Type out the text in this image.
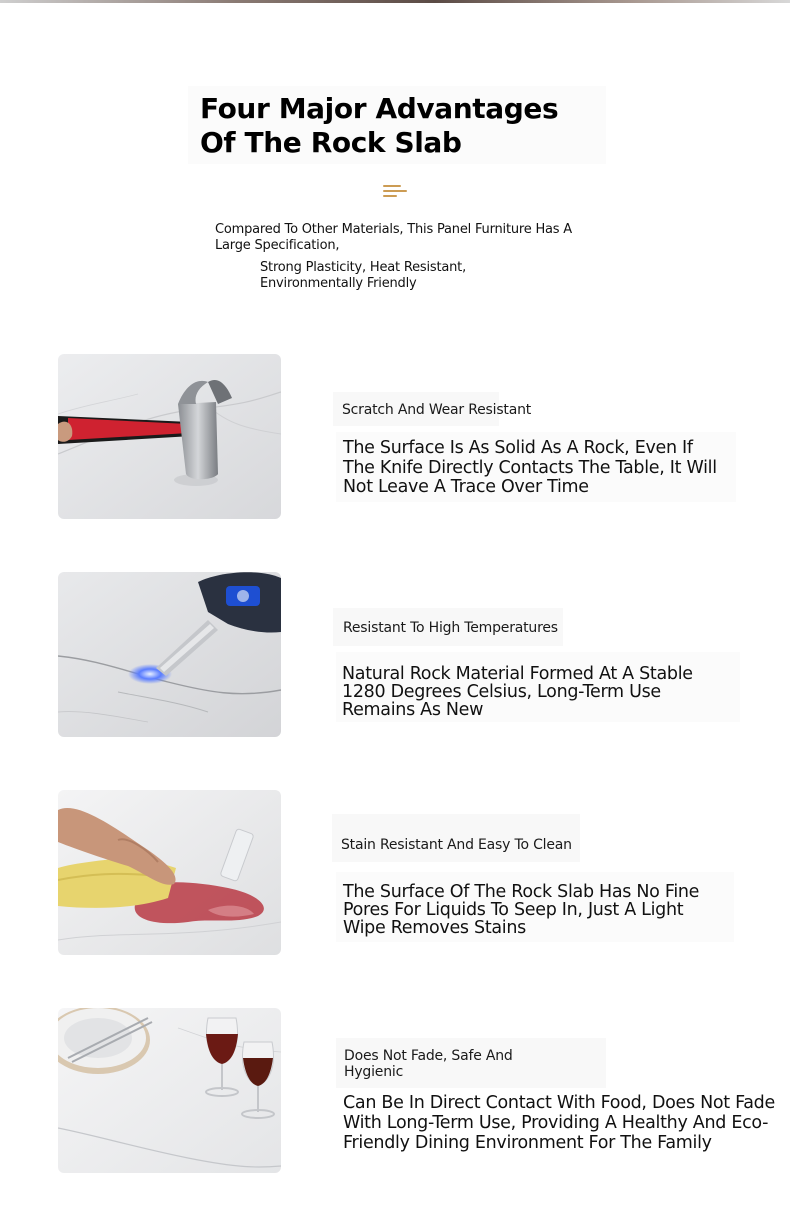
Four Major Advantages Of The Rock Slab

Compared To Other Materials, This Panel Furniture Has A Large Specification,

Strong Plasticity, Heat Resistant, Environmentally Friendly

Scratch And Wear Resistant
The Surface Is As Solid As A Rock, Even If The Knife Directly Contacts The Table, It Will Not Leave A Trace Over Time
Resistant To High Temperatures
Natural Rock Material Formed At A Stable 1280 Degrees Celsius, Long-Term Use Remains As New
Stain Resistant And Easy To Clean
The Surface Of The Rock Slab Has No Fine Pores For Liquids To Seep In, Just A Light Wipe Removes Stains
Does Not Fade, Safe And Hygienic
Can Be In Direct Contact With Food, Does Not Fade With Long-Term Use, Providing A Healthy And Eco-Friendly Dining Environment For The Family
